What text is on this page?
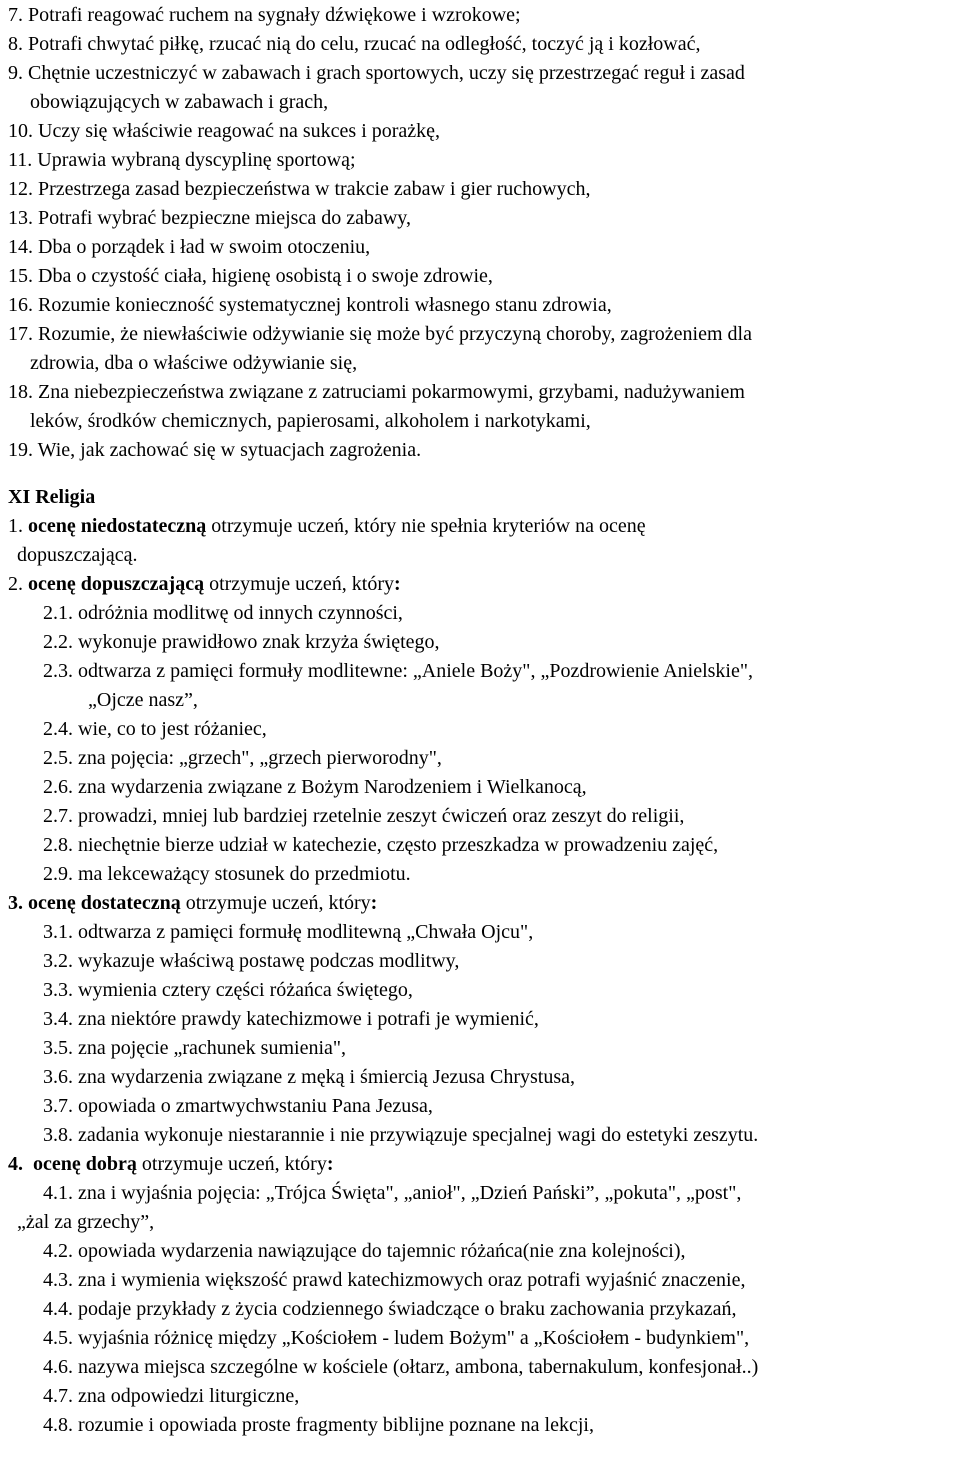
7. Potrafi reagować ruchem na sygnały dźwiękowe i wzrokowe;
8. Potrafi chwytać piłkę, rzucać nią do celu, rzucać na odległość, toczyć ją i kozłować,
9. Chętnie uczestniczyć w zabawach i grach sportowych, uczy się przestrzegać reguł i zasad
obowiązujących w zabawach i grach,
10. Uczy się właściwie reagować na sukces i porażkę,
11. Uprawia wybraną dyscyplinę sportową;
12. Przestrzega zasad bezpieczeństwa w trakcie zabaw i gier ruchowych,
13. Potrafi wybrać bezpieczne miejsca do zabawy,
14. Dba o porządek i ład w swoim otoczeniu,
15. Dba o czystość ciała, higienę osobistą i o swoje zdrowie,
16. Rozumie konieczność systematycznej kontroli własnego stanu zdrowia,
17. Rozumie, że niewłaściwie odżywianie się może być przyczyną choroby, zagrożeniem dla
zdrowia, dba o właściwe odżywianie się,
18. Zna niebezpieczeństwa związane z zatruciami pokarmowymi, grzybami, nadużywaniem
leków, środków chemicznych, papierosami, alkoholem i narkotykami,
19. Wie, jak zachować się w sytuacjach zagrożenia.
XI Religia
1. ocenę niedostateczną otrzymuje uczeń, który nie spełnia kryteriów na ocenę
dopuszczającą.
2. ocenę dopuszczającą otrzymuje uczeń, który:
2.1. odróżnia modlitwę od innych czynności,
2.2. wykonuje prawidłowo znak krzyża świętego,
2.3. odtwarza z pamięci formuły modlitewne: „Aniele Boży", „Pozdrowienie Anielskie",
„Ojcze nasz”,
2.4. wie, co to jest różaniec,
2.5. zna pojęcia: „grzech", „grzech pierworodny",
2.6. zna wydarzenia związane z Bożym Narodzeniem i Wielkanocą,
2.7. prowadzi, mniej lub bardziej rzetelnie zeszyt ćwiczeń oraz zeszyt do religii,
2.8. niechętnie bierze udział w katechezie, często przeszkadza w prowadzeniu zajęć,
2.9. ma lekceważący stosunek do przedmiotu.
3. ocenę dostateczną otrzymuje uczeń, który:
3.1. odtwarza z pamięci formułę modlitewną „Chwała Ojcu",
3.2. wykazuje właściwą postawę podczas modlitwy,
3.3. wymienia cztery części różańca świętego,
3.4. zna niektóre prawdy katechizmowe i potrafi je wymienić,
3.5. zna pojęcie „rachunek sumienia",
3.6. zna wydarzenia związane z męką i śmiercią Jezusa Chrystusa,
3.7. opowiada o zmartwychwstaniu Pana Jezusa,
3.8. zadania wykonuje niestarannie i nie przywiązuje specjalnej wagi do estetyki zeszytu.
4. ocenę dobrą otrzymuje uczeń, który:
4.1. zna i wyjaśnia pojęcia: „Trójca Święta", „anioł", „Dzień Pański”, „pokuta", „post",
„żal za grzechy”,
4.2. opowiada wydarzenia nawiązujące do tajemnic różańca(nie zna kolejności),
4.3. zna i wymienia większość prawd katechizmowych oraz potrafi wyjaśnić znaczenie,
4.4. podaje przykłady z życia codziennego świadczące o braku zachowania przykazań,
4.5. wyjaśnia różnicę między „Kościołem - ludem Bożym" a „Kościołem - budynkiem",
4.6. nazywa miejsca szczególne w kościele (ołtarz, ambona, tabernakulum, konfesjonał..)
4.7. zna odpowiedzi liturgiczne,
4.8. rozumie i opowiada proste fragmenty biblijne poznane na lekcji,
